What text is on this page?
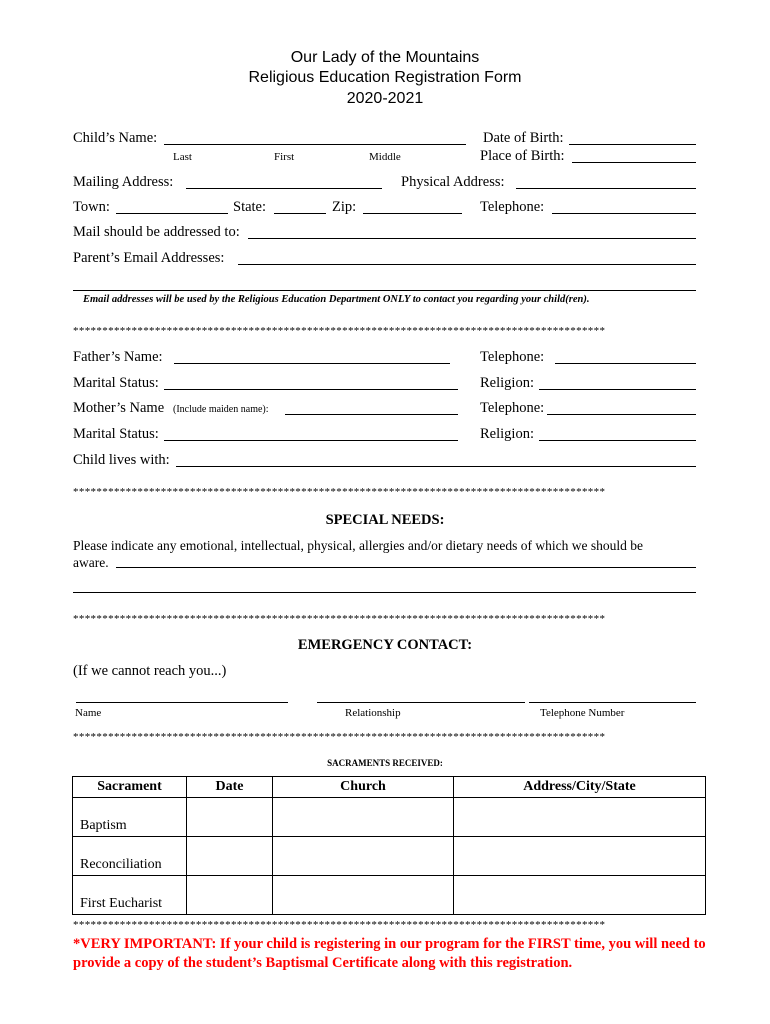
Our Lady of the Mountains
Religious Education Registration Form
2020-2021
Child’s Name:
Last	First	Middle
Date of Birth:
Place of Birth:
Mailing Address:	Physical Address:
Town:	State:	Zip:	Telephone:
Mail should be addressed to:
Parent’s Email Addresses:
Email addresses will be used by the Religious Education Department ONLY to contact you regarding your child(ren).
*******************************************************************************************
Father’s Name:	Telephone:
Marital Status:	Religion:
Mother’s Name (Include maiden name):	Telephone:
Marital Status:	Religion:
Child lives with:
*******************************************************************************************
SPECIAL NEEDS:
Please indicate any emotional, intellectual, physical, allergies and/or dietary needs of which we should be
aware.
*******************************************************************************************
EMERGENCY CONTACT:
(If we cannot reach you...)
Name	Relationship	Telephone Number
*******************************************************************************************
SACRAMENTS RECEIVED:
Sacrament	Date	Church	Address/City/State
Baptism			
Reconciliation			
First Eucharist			
*******************************************************************************************
*VERY IMPORTANT: If your child is registering in our program for the FIRST time, you will need to provide a copy of the student’s Baptismal Certificate along with this registration.
